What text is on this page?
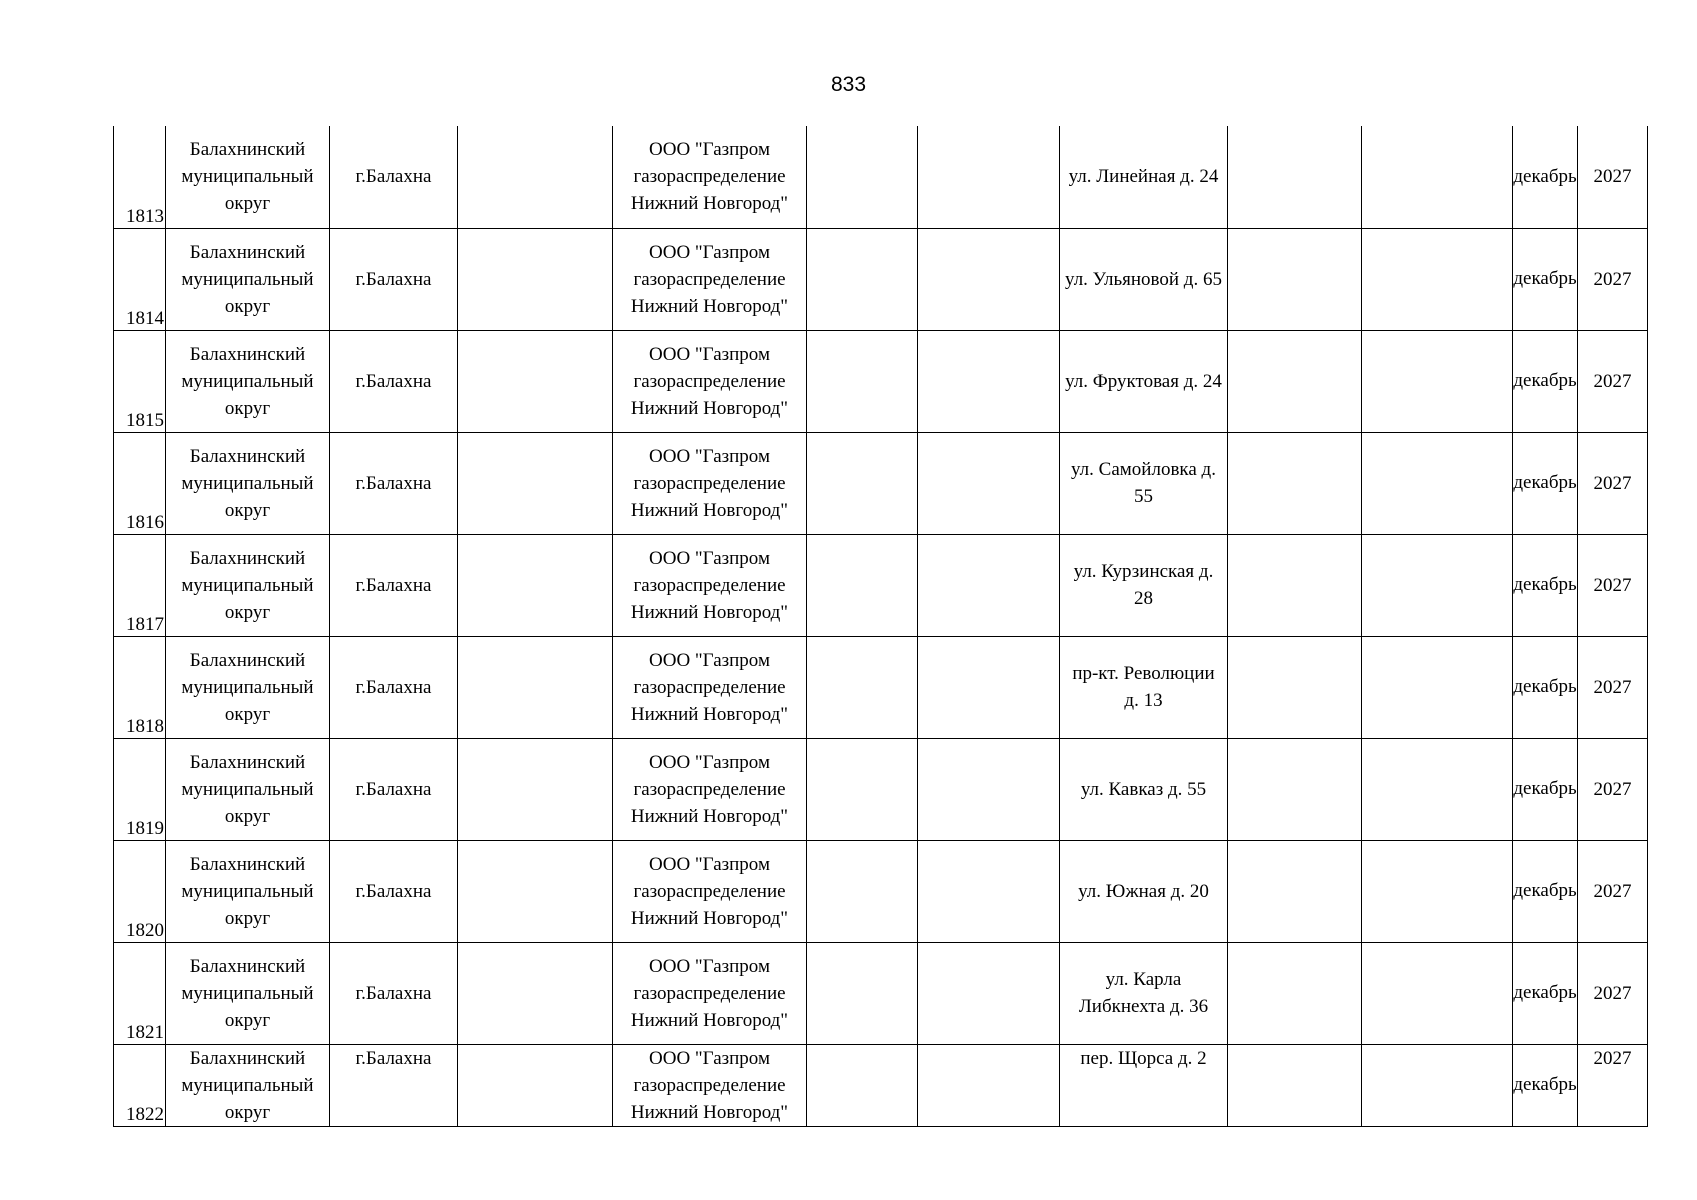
833
1813	Балахнинский муниципальный округ	г.Балахна		ООО "Газпром газораспределение Нижний Новгород"			ул. Линейная д. 24			декабрь	2027
1814	Балахнинский муниципальный округ	г.Балахна		ООО "Газпром газораспределение Нижний Новгород"			ул. Ульяновой д. 65			декабрь	2027
1815	Балахнинский муниципальный округ	г.Балахна		ООО "Газпром газораспределение Нижний Новгород"			ул. Фруктовая д. 24			декабрь	2027
1816	Балахнинский муниципальный округ	г.Балахна		ООО "Газпром газораспределение Нижний Новгород"			ул. Самойловка д. 55			декабрь	2027
1817	Балахнинский муниципальный округ	г.Балахна		ООО "Газпром газораспределение Нижний Новгород"			ул. Курзинская д. 28			декабрь	2027
1818	Балахнинский муниципальный округ	г.Балахна		ООО "Газпром газораспределение Нижний Новгород"			пр-кт. Революции д. 13			декабрь	2027
1819	Балахнинский муниципальный округ	г.Балахна		ООО "Газпром газораспределение Нижний Новгород"			ул. Кавказ д. 55			декабрь	2027
1820	Балахнинский муниципальный округ	г.Балахна		ООО "Газпром газораспределение Нижний Новгород"			ул. Южная д. 20			декабрь	2027
1821	Балахнинский муниципальный округ	г.Балахна		ООО "Газпром газораспределение Нижний Новгород"			ул. Карла Либкнехта д. 36			декабрь	2027
1822	Балахнинский муниципальный округ	г.Балахна		ООО "Газпром газораспределение Нижний Новгород"			пер. Щорса д. 2			декабрь	2027
